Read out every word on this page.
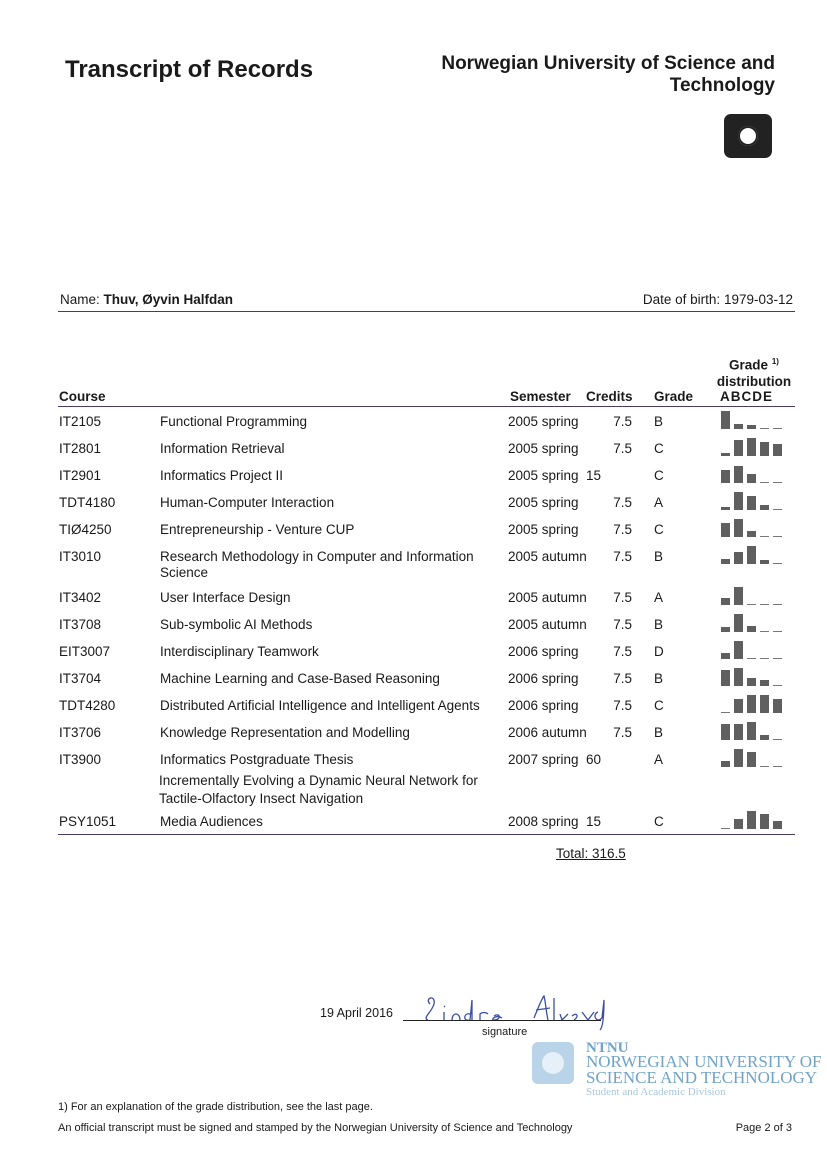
Transcript of Records	Norwegian University of Science and Technology
Name: Thuv, Øyvin Halfdan	Date of birth: 1979-03-12
Grade $^{1)}$
distribution
Course	Semester Credits Grade ABCDE
IT2105	Functional Programming	2005 spring	7.5 B
IT2801	Information Retrieval	2005 spring	7.5 C
IT2901	Informatics Project II	2005 spring 15	C
TDT4180	Human-Computer Interaction	2005 spring	7.5 A
TIØ4250	Entrepreneurship - Venture CUP	2005 spring	7.5 C
IT3010	Research Methodology in Computer and Information Science
2005 autumn	7.5 B
IT3402	User Interface Design	2005 autumn	7.5 A
IT3708	Sub-symbolic AI Methods	2005 autumn	7.5 B
EIT3007	Interdisciplinary Teamwork	2006 spring	7.5 D
IT3704	Machine Learning and Case-Based Reasoning	2006 spring	7.5 B
TDT4280	Distributed Artificial Intelligence and Intelligent Agents	2006 spring	7.5 C
IT3706	Knowledge Representation and Modelling	2006 autumn	7.5 B
IT3900	Informatics Postgraduate Thesis	2007 spring 60	A
Incrementally Evolving a Dynamic Neural Network for Tactile-Olfactory Insect Navigation
PSY1051	Media Audiences	2008 spring 15	C
Total: 316.5
19 April 2016
signature
NTNU
NORWEGIAN UNIVERSITY OF
SCIENCE AND TECHNOLOGY
Student and Academic Division
1) For an explanation of the grade distribution, see the last page.
An official transcript must be signed and stamped by the Norwegian University of Science and Technology	Page 2 of 3
